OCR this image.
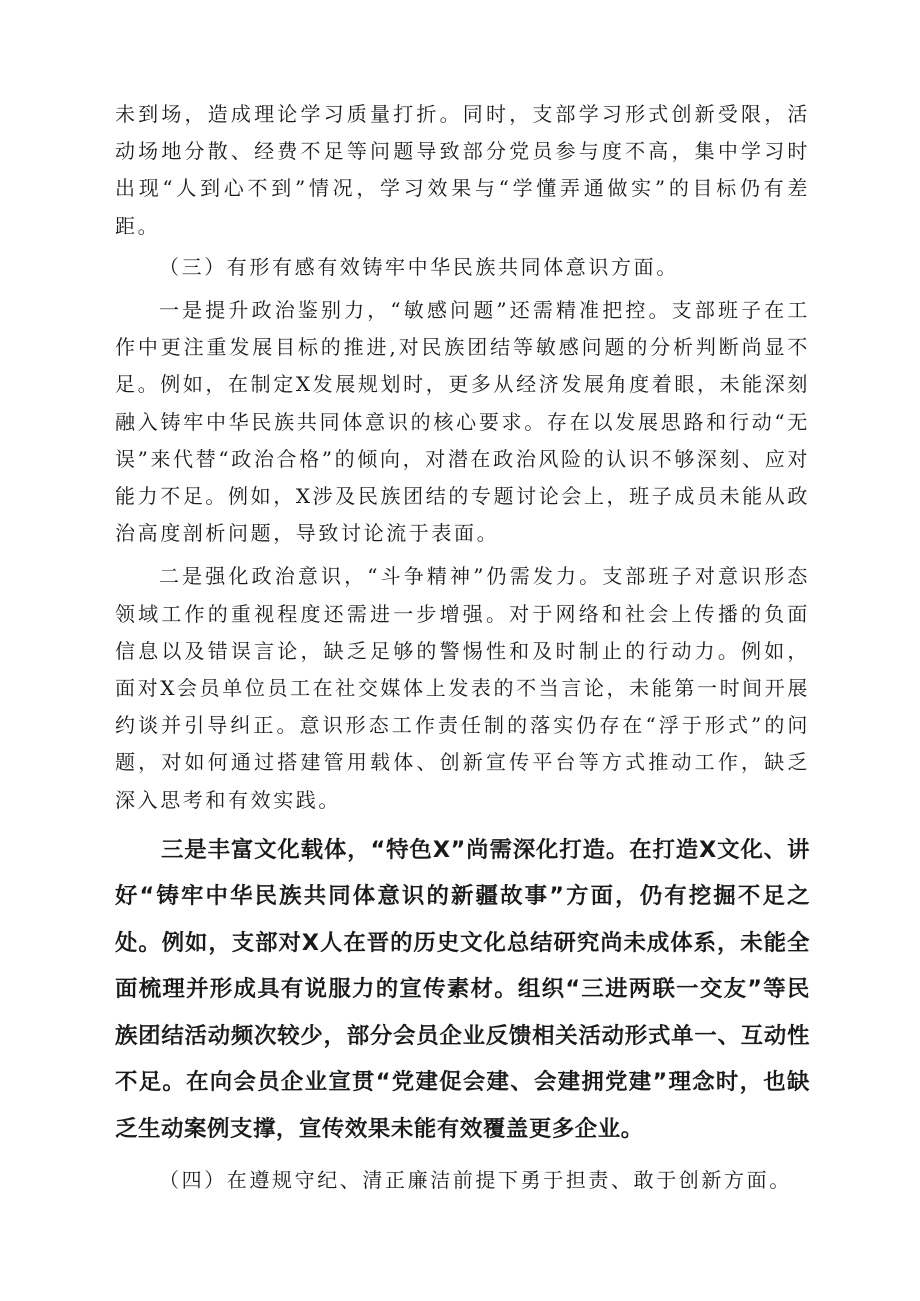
未到场，造成理论学习质量打折。同时，支部学习形式创新受限，活动场地分散、经费不足等问题导致部分党员参与度不高，集中学习时出现“人到心不到”情况，学习效果与“学懂弄通做实”的目标仍有差距。

（三）有形有感有效铸牢中华民族共同体意识方面。

一是提升政治鉴别力，“敏感问题”还需精准把控。支部班子在工作中更注重发展目标的推进,对民族团结等敏感问题的分析判断尚显不足。例如，在制定X发展规划时，更多从经济发展角度着眼，未能深刻融入铸牢中华民族共同体意识的核心要求。存在以发展思路和行动“无误”来代替“政治合格”的倾向，对潜在政治风险的认识不够深刻、应对能力不足。例如，X涉及民族团结的专题讨论会上，班子成员未能从政治高度剖析问题，导致讨论流于表面。

二是强化政治意识，“斗争精神”仍需发力。支部班子对意识形态领域工作的重视程度还需进一步增强。对于网络和社会上传播的负面信息以及错误言论，缺乏足够的警惕性和及时制止的行动力。例如，面对X会员单位员工在社交媒体上发表的不当言论，未能第一时间开展约谈并引导纠正。意识形态工作责任制的落实仍存在“浮于形式”的问题，对如何通过搭建管用载体、创新宣传平台等方式推动工作，缺乏深入思考和有效实践。

三是丰富文化载体，“特色X”尚需深化打造。在打造X文化、讲好“铸牢中华民族共同体意识的新疆故事”方面，仍有挖掘不足之处。例如，支部对X人在晋的历史文化总结研究尚未成体系，未能全面梳理并形成具有说服力的宣传素材。组织“三进两联一交友”等民族团结活动频次较少，部分会员企业反馈相关活动形式单一、互动性不足。在向会员企业宣贯“党建促会建、会建拥党建”理念时，也缺乏生动案例支撑，宣传效果未能有效覆盖更多企业。

（四）在遵规守纪、清正廉洁前提下勇于担责、敢于创新方面。
